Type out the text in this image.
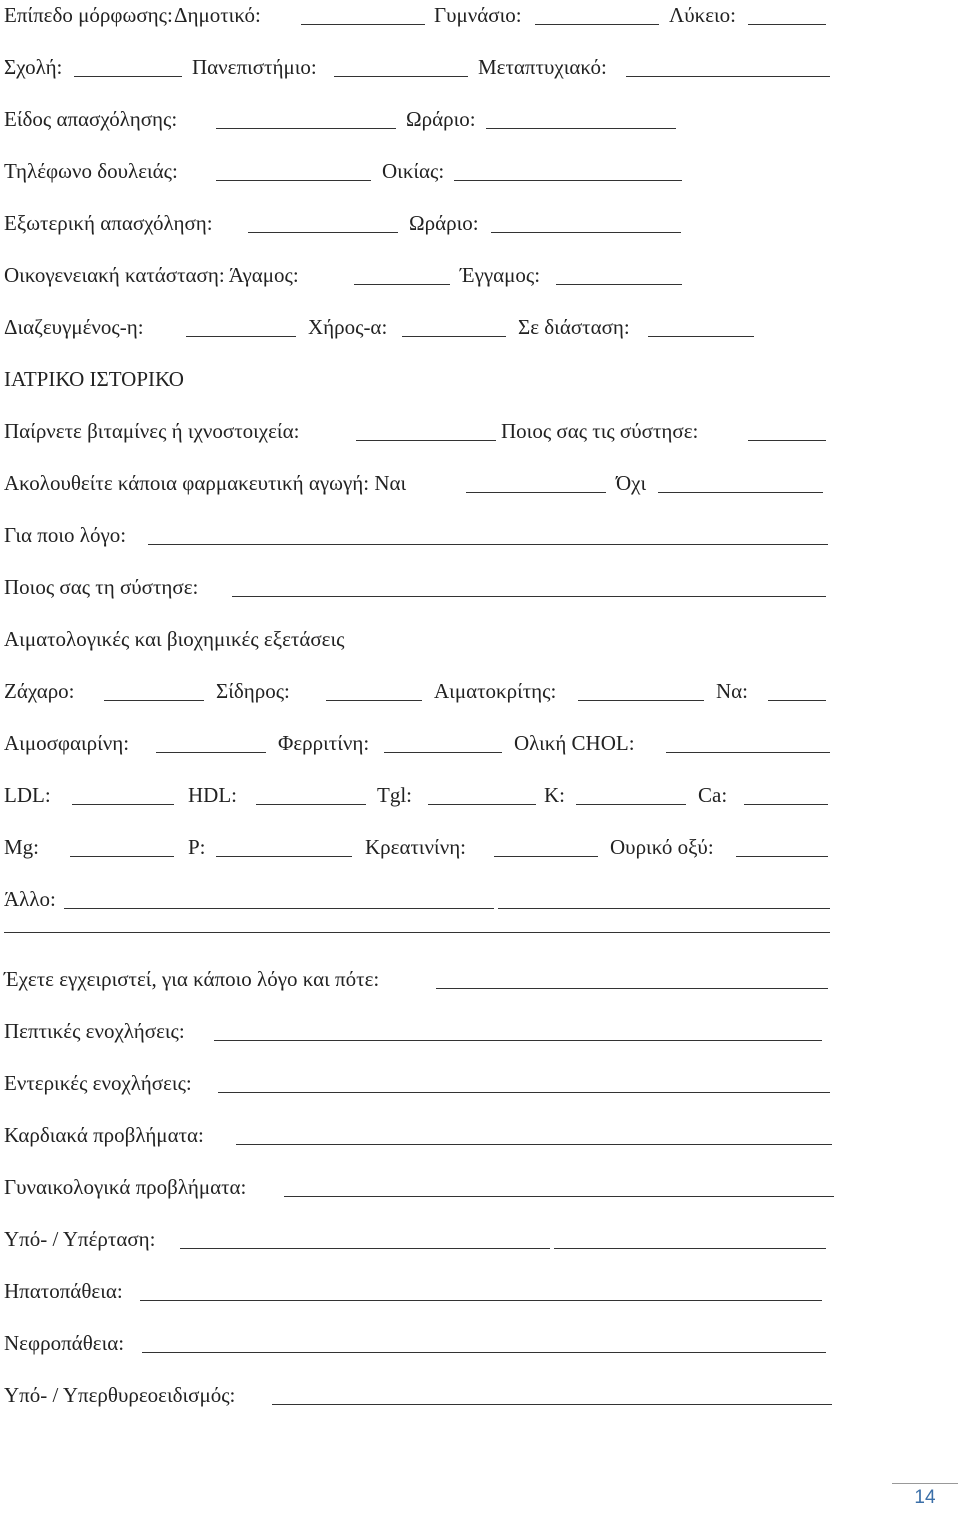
Επίπεδο μόρφωσης: Δημοτικό:	Γυμνάσιο:	Λύκειο:
Σχολή:	Πανεπιστήμιο:	Μεταπτυχιακό:
Είδος απασχόλησης:	Ωράριο:
Τηλέφωνο δουλειάς:	Οικίας:
Εξωτερική απασχόληση:	Ωράριο:
Οικογενειακή κατάσταση: Άγαμος:	Έγγαμος:
Διαζευγμένος-η:	Χήρος-α:	Σε διάσταση:
ΙΑΤΡΙΚΟ ΙΣΤΟΡΙΚΟ
Παίρνετε βιταμίνες ή ιχνοστοιχεία:	Ποιος σας τις σύστησε:
Ακολουθείτε κάποια φαρμακευτική αγωγή: Ναι	Όχι
Για ποιο λόγο:
Ποιος σας τη σύστησε:
Αιματολογικές και βιοχημικές εξετάσεις
Ζάχαρο:	Σίδηρος:	Αιματοκρίτης:	Να:
Αιμοσφαιρίνη:	Φερριτίνη:	Ολική CHOL:
LDL:	HDL:	Tgl:	K:	Ca:
Mg:	P:	Κρεατινίνη:	Ουρικό οξύ:
Άλλο:
Έχετε εγχειριστεί, για κάποιο λόγο και πότε:
Πεπτικές ενοχλήσεις:
Εντερικές ενοχλήσεις:
Καρδιακά προβλήματα:
Γυναικολογικά προβλήματα:
Υπό- / Υπέρταση:
Ηπατοπάθεια:
Νεφροπάθεια:
Υπό- / Υπερθυρεοειδισμός:
14
